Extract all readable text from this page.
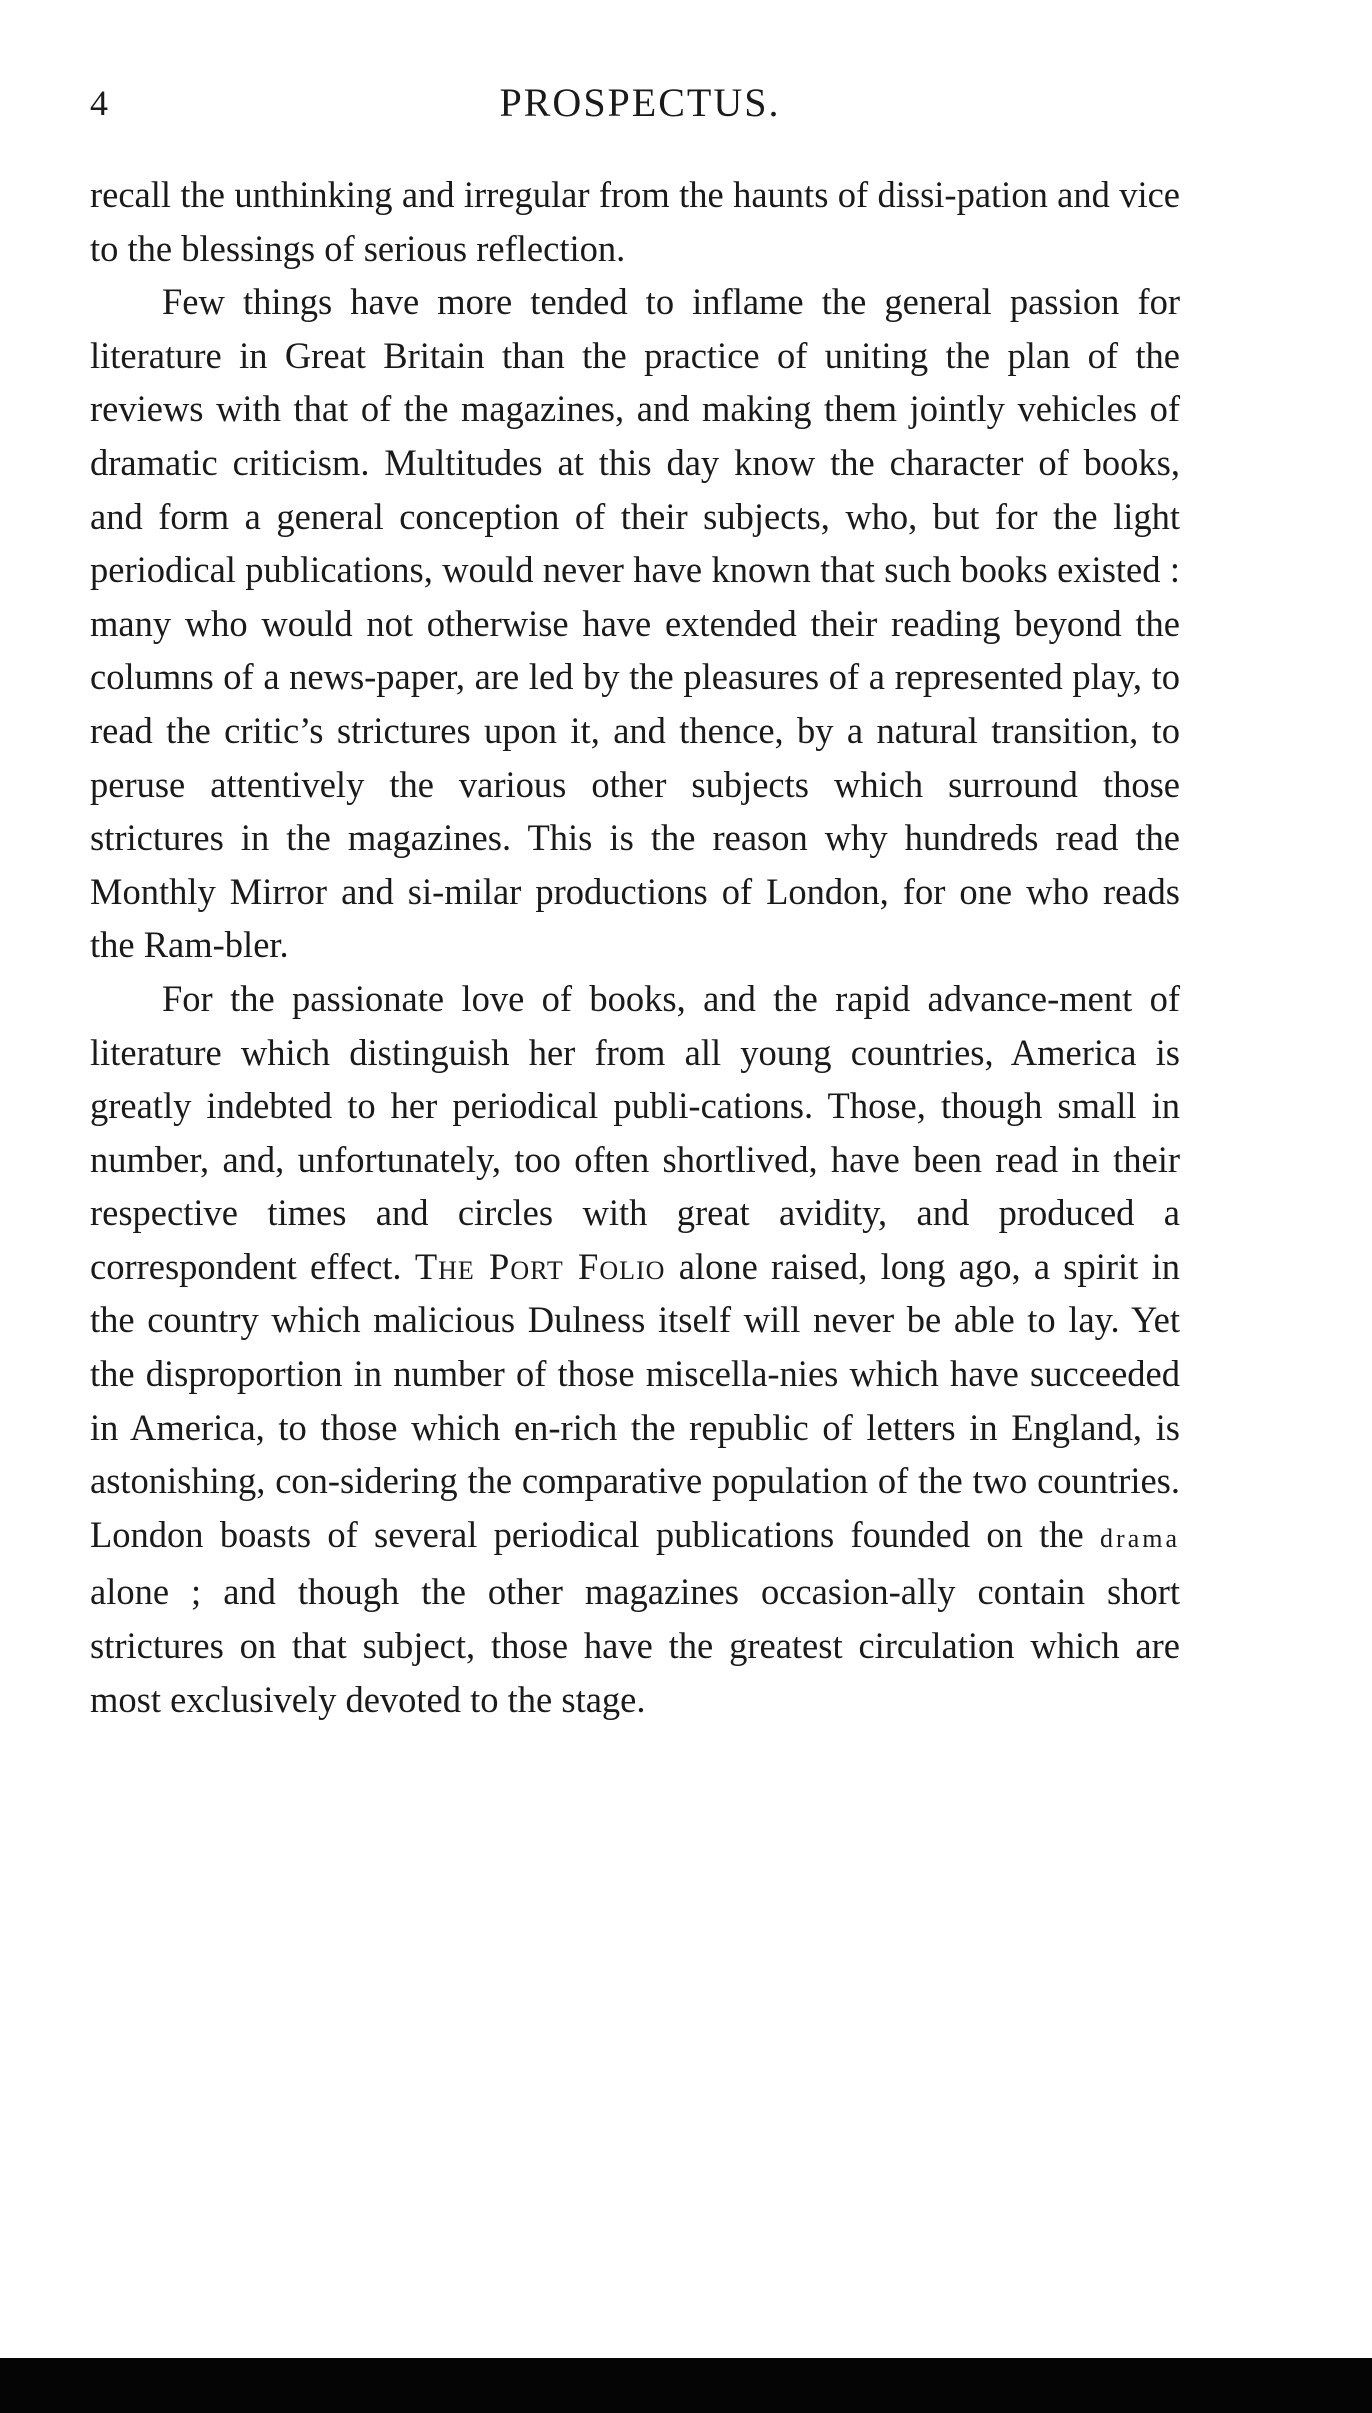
4	PROSPECTUS.

recall the unthinking and irregular from the haunts of dissi-pation and vice to the blessings of serious reflection.

Few things have more tended to inflame the general passion for literature in Great Britain than the practice of uniting the plan of the reviews with that of the magazines, and making them jointly vehicles of dramatic criticism. Multitudes at this day know the character of books, and form a general conception of their subjects, who, but for the light periodical publications, would never have known that such books existed : many who would not otherwise have extended their reading beyond the columns of a news-paper, are led by the pleasures of a represented play, to read the critic’s strictures upon it, and thence, by a natural transition, to peruse attentively the various other subjects which surround those strictures in the magazines. This is the reason why hundreds read the Monthly Mirror and si-milar productions of London, for one who reads the Ram-bler.

For the passionate love of books, and the rapid advance-ment of literature which distinguish her from all young countries, America is greatly indebted to her periodical publi-cations. Those, though small in number, and, unfortunately, too often shortlived, have been read in their respective times and circles with great avidity, and produced a correspondent effect. The Port Folio alone raised, long ago, a spirit in the country which malicious Dulness itself will never be able to lay. Yet the disproportion in number of those miscella-nies which have succeeded in America, to those which en-rich the republic of letters in England, is astonishing, con-sidering the comparative population of the two countries. London boasts of several periodical publications founded on the drama alone ; and though the other magazines occasion-ally contain short strictures on that subject, those have the greatest circulation which are most exclusively devoted to the stage.
